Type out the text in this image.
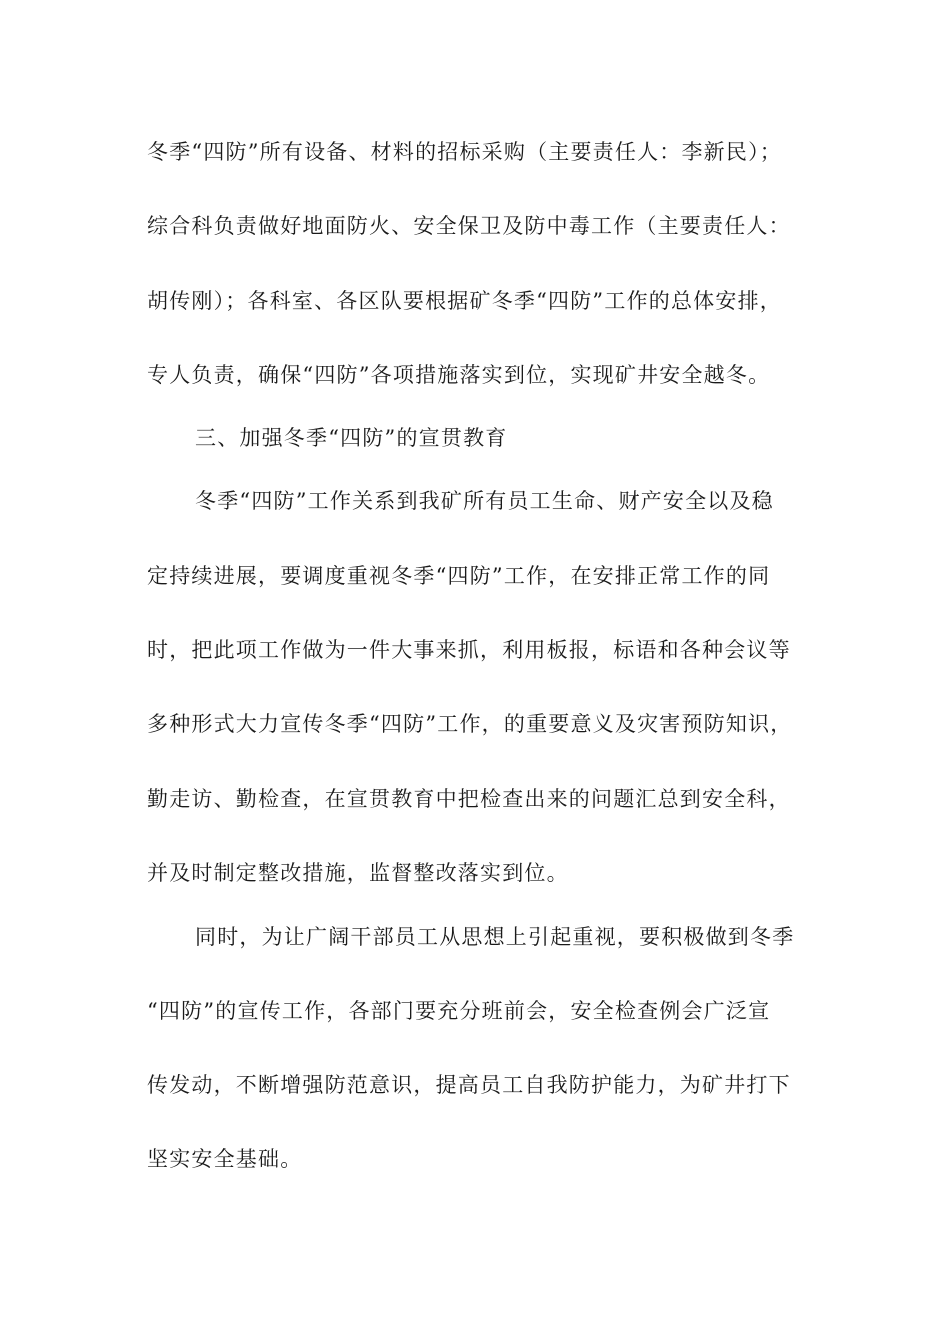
冬季“四防”所有设备、材料的招标采购（主要责任人：李新民）；
综合科负责做好地面防火、安全保卫及防中毒工作（主要责任人：
胡传刚）；各科室、各区队要根据矿冬季“四防”工作的总体安排，
专人负责，确保“四防”各项措施落实到位，实现矿井安全越冬。
三、加强冬季“四防”的宣贯教育
冬季“四防”工作关系到我矿所有员工生命、财产安全以及稳
定持续进展，要调度重视冬季“四防”工作，在安排正常工作的同
时，把此项工作做为一件大事来抓，利用板报，标语和各种会议等
多种形式大力宣传冬季“四防”工作，的重要意义及灾害预防知识，
勤走访、勤检查，在宣贯教育中把检查出来的问题汇总到安全科，
并及时制定整改措施，监督整改落实到位。
同时，为让广阔干部员工从思想上引起重视，要积极做到冬季
“四防”的宣传工作，各部门要充分班前会，安全检查例会广泛宣
传发动，不断增强防范意识，提高员工自我防护能力，为矿井打下
坚实安全基础。
